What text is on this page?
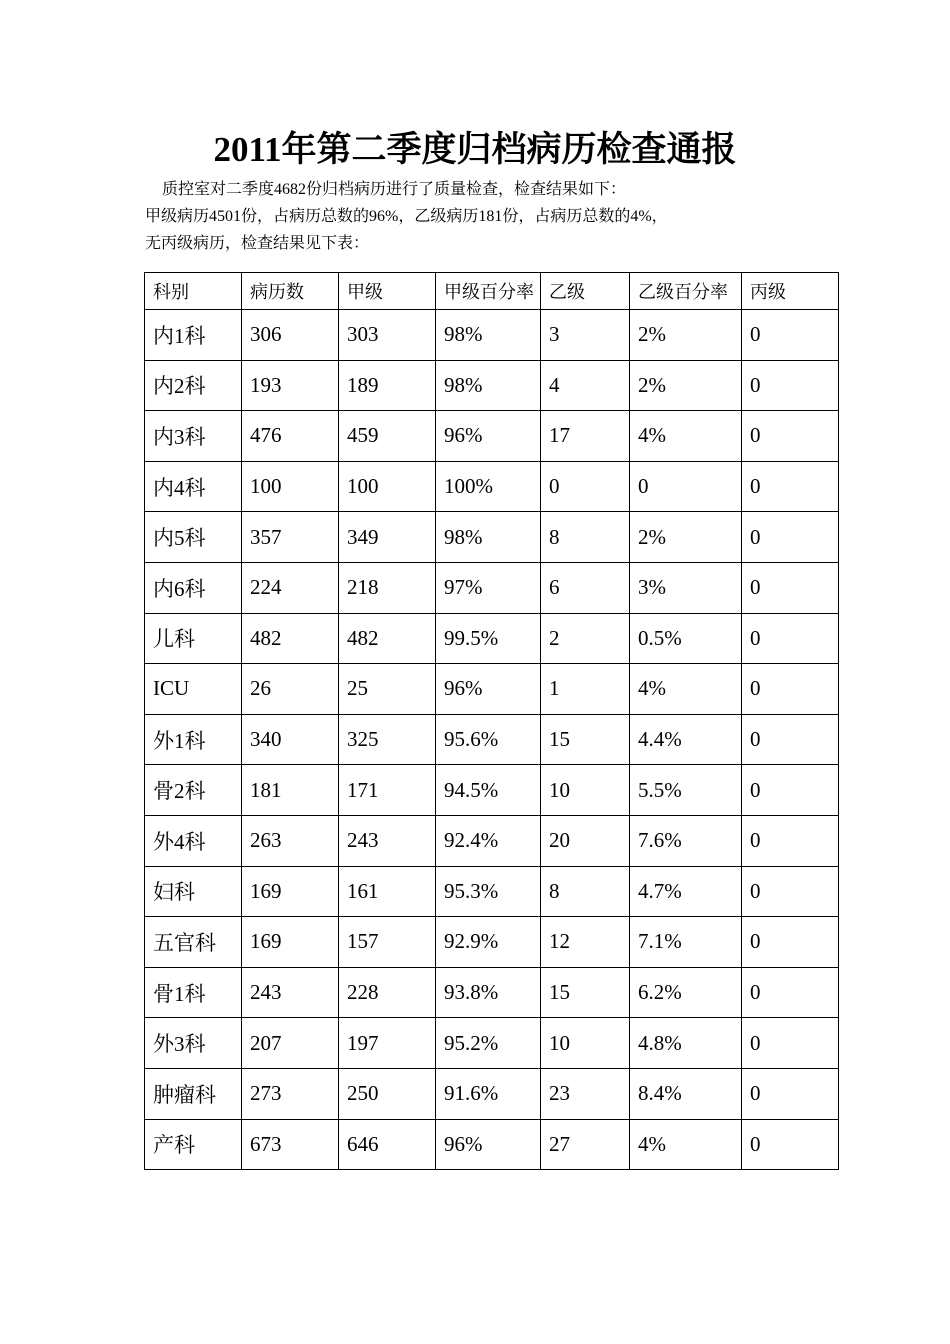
2011年第二季度归档病历检查通报

质控室对二季度4682份归档病历进行了质量检查，检查结果如下：

甲级病历4501份，占病历总数的96%，乙级病历181份，占病历总数的4%，

无丙级病历，检查结果见下表：

科别	病历数	甲级	甲级百分率	乙级	乙级百分率	丙级
内1科	306	303	98%	3	2%	0
内2科	193	189	98%	4	2%	0
内3科	476	459	96%	17	4%	0
内4科	100	100	100%	0	0	0
内5科	357	349	98%	8	2%	0
内6科	224	218	97%	6	3%	0
儿科	482	482	99.5%	2	0.5%	0
ICU	26	25	96%	1	4%	0
外1科	340	325	95.6%	15	4.4%	0
骨2科	181	171	94.5%	10	5.5%	0
外4科	263	243	92.4%	20	7.6%	0
妇科	169	161	95.3%	8	4.7%	0
五官科	169	157	92.9%	12	7.1%	0
骨1科	243	228	93.8%	15	6.2%	0
外3科	207	197	95.2%	10	4.8%	0
肿瘤科	273	250	91.6%	23	8.4%	0
产科	673	646	96%	27	4%	0
